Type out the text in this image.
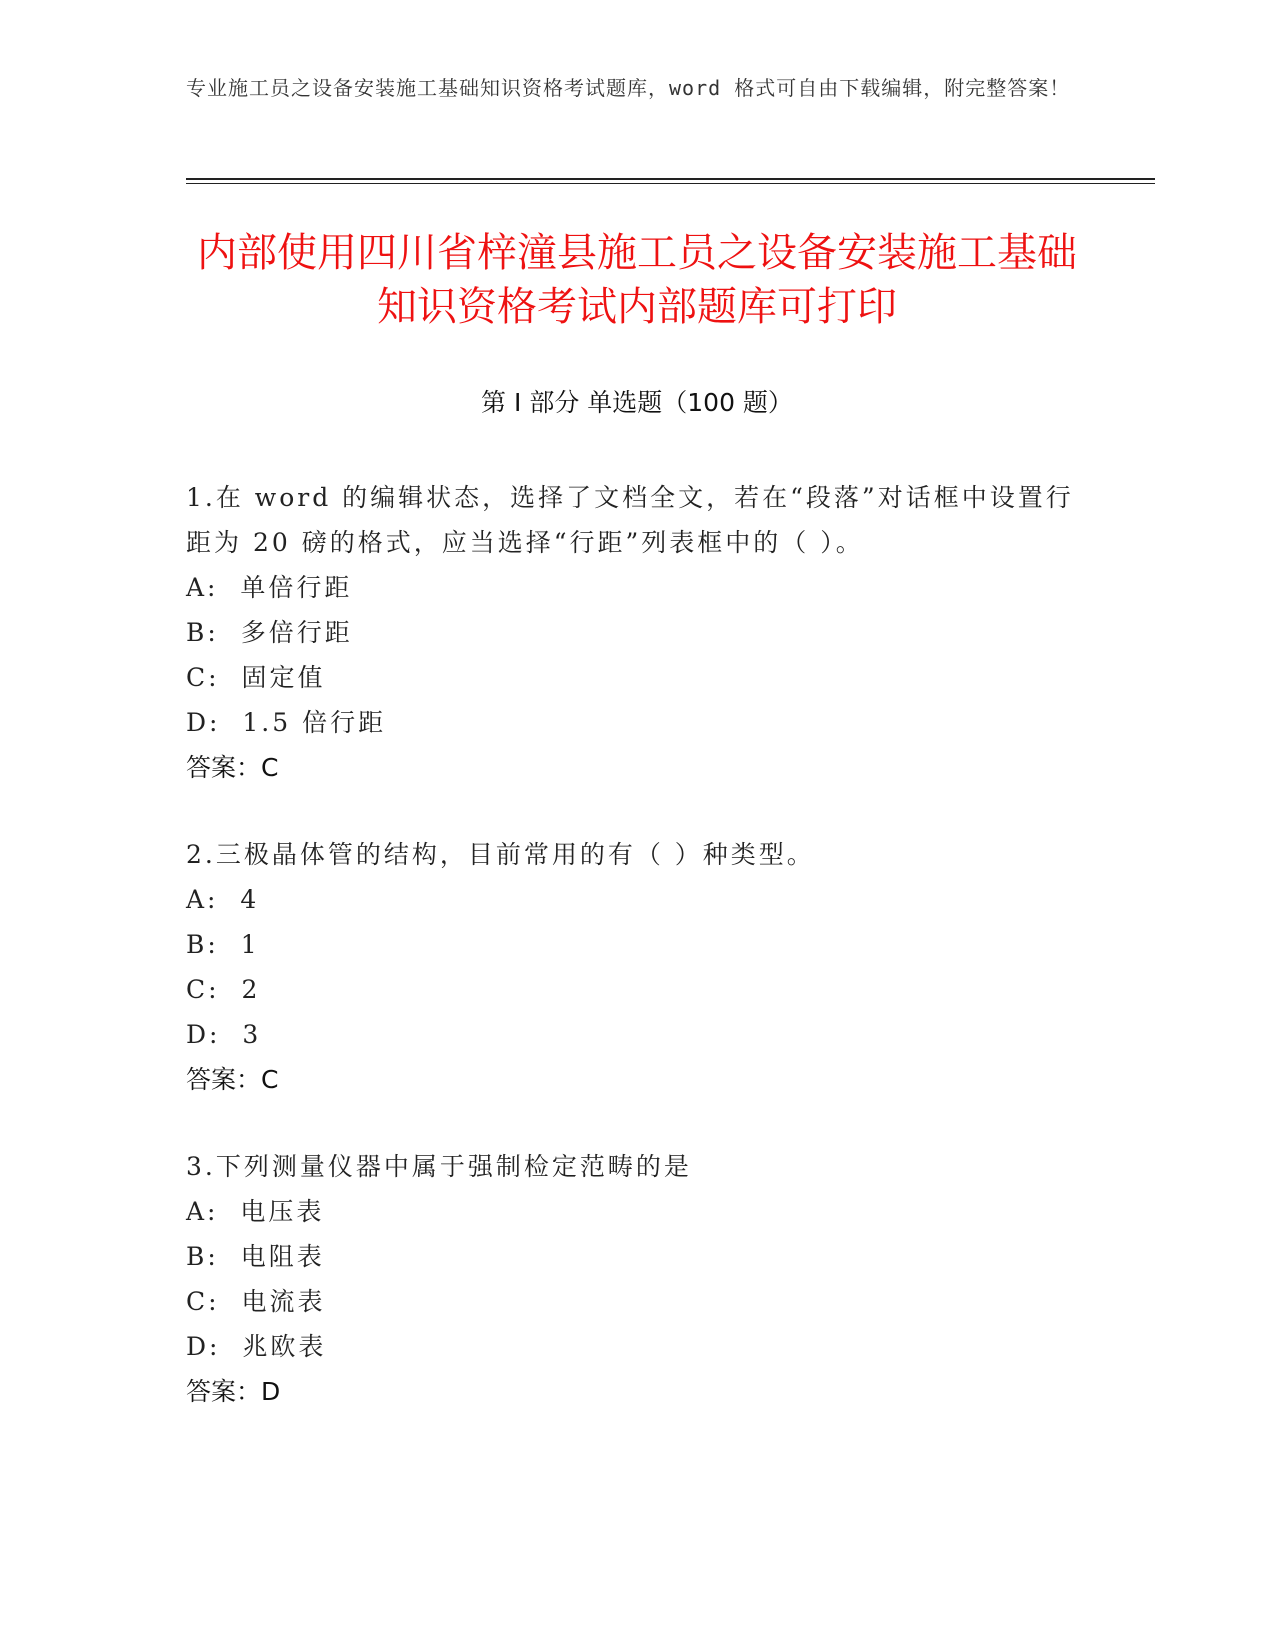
专业施工员之设备安装施工基础知识资格考试题库，word 格式可自由下载编辑，附完整答案！
内部使用四川省梓潼县施工员之设备安装施工基础知识资格考试内部题库可打印
第 I 部分 单选题（100 题）
1.在 word 的编辑状态，选择了文档全文，若在“段落”对话框中设置行距为 20 磅的格式，应当选择“行距”列表框中的（ ）。
A:  单倍行距
B:  多倍行距
C:  固定值
D:  1.5 倍行距
答案：C
2.三极晶体管的结构，目前常用的有（ ）种类型。
A:  4
B:  1
C:  2
D:  3
答案：C
3.下列测量仪器中属于强制检定范畴的是
A:  电压表
B:  电阻表
C:  电流表
D:  兆欧表
答案：D
